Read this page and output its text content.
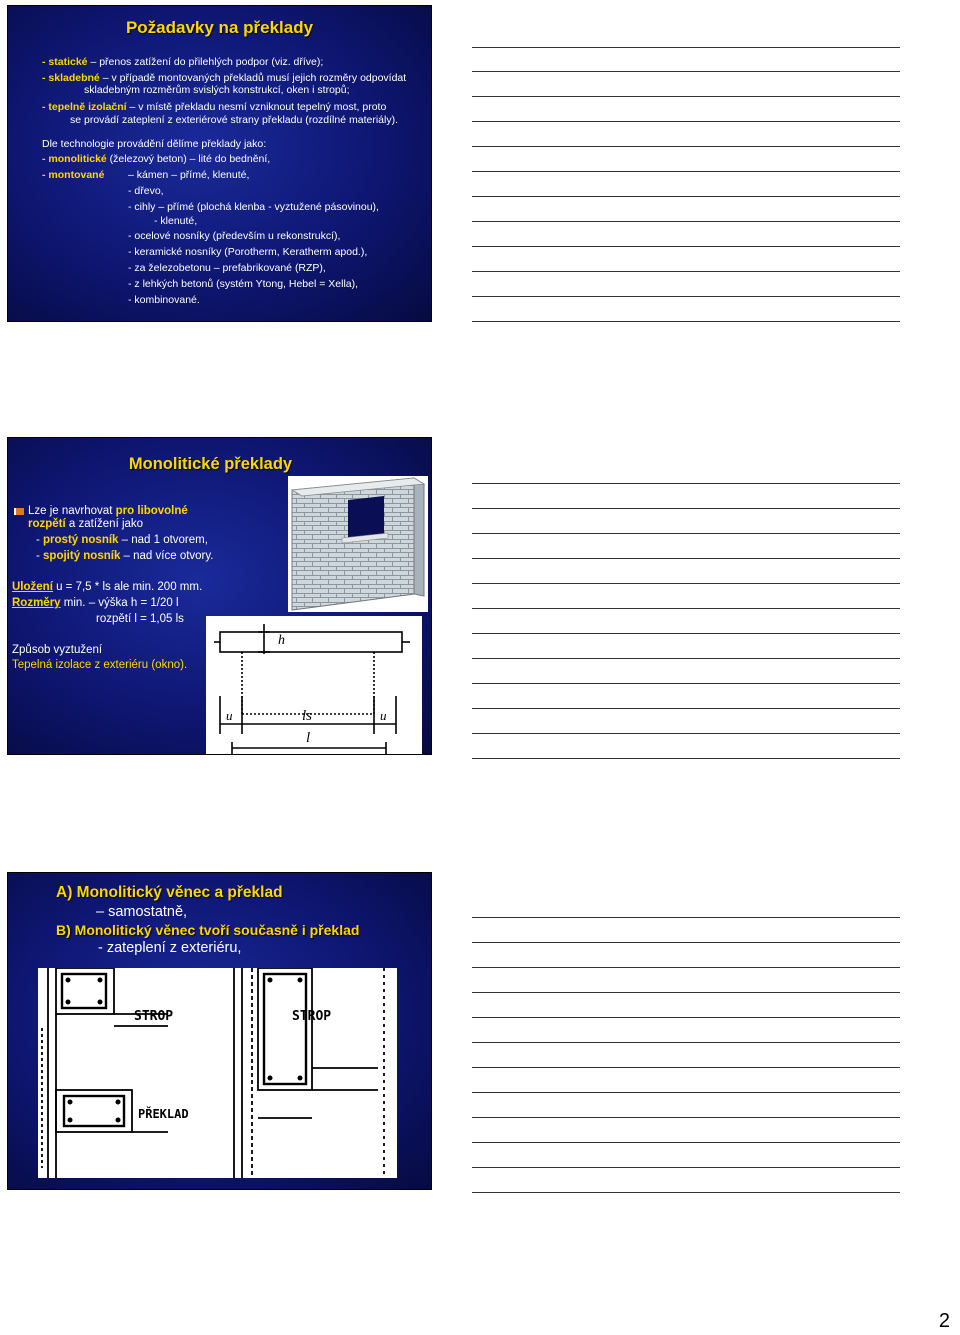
Požadavky na překlady
- statické – přenos zatížení do přilehlých podpor (viz. dříve);
- skladebné – v případě montovaných překladů musí jejich rozměry odpovídat
skladebným rozměrům svislých konstrukcí, oken i stropů;
- tepelně izolační – v místě překladu nesmí vzniknout tepelný most, proto
se provádí zateplení z exteriérové strany překladu (rozdílné materiály).
Dle technologie provádění dělíme překlady jako:
- monolitické (železový beton) – lité do bednění,
- montované – kámen – přímé, klenuté,
- dřevo,
- cihly – přímé (plochá klenba - vyztužené pásovinou),
- klenuté,
- ocelové nosníky (především u rekonstrukcí),
- keramické nosníky (Porotherm, Keratherm apod.),
- za železobetonu – prefabrikované (RZP),
- z lehkých betonů (systém Ytong, Hebel = Xella),
- kombinované.
Monolitické překlady
Lze je navrhovat pro libovolné
rozpětí a zatížení jako
- prostý nosník – nad 1 otvorem,
- spojitý nosník – nad více otvory.
Uložení u = 7,5 * ls ale min. 200 mm.
Rozměry min. – výška h = 1/20 l
rozpětí l = 1,05 ls
Způsob vyztužení
Tepelná izolace z exteriéru (okno).
h
u	u
ls
l
A) Monolitický věnec a překlad
– samostatně,
B) Monolitický věnec tvoří současně i překlad
- zateplení z exteriéru,
STROP	STROP
PŘEKLAD
2
